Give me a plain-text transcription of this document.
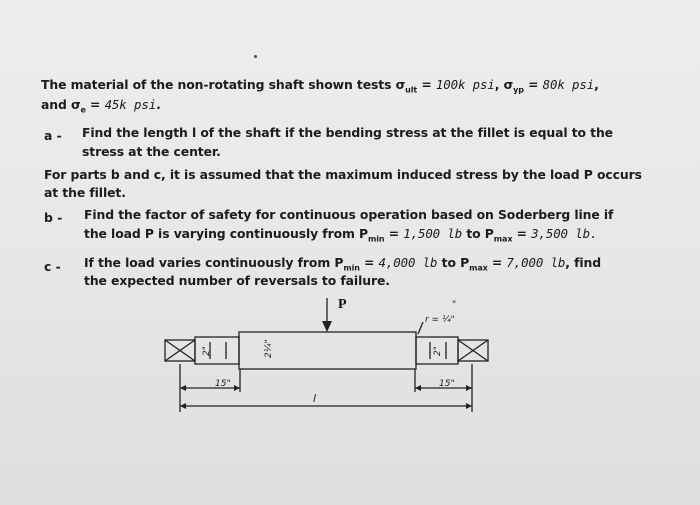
The material of the non-rotating shaft shown tests $\sigma_{ult} = 100k$ psi, $\sigma_{yp} = 80k$ psi,
and $\sigma_e = 45k$ psi.
a - Find the length l of the shaft if the bending stress at the fillet is equal to the
stress at the center.
For parts b and c, it is assumed that the maximum induced stress by the load P occurs
at the fillet.
b - Find the factor of safety for continuous operation based on Soderberg line if
the load P is varying continuously from $P_{min} = 1,500$ lb to $P_{max} = 3,500$ lb.
c - If the load varies continuously from $P_{min} = 4,000$ lb to $P_{max} = 7,000$ lb, find
the expected number of reversals to failure.
P	"
r = ¼"
15"	15"
l
2"	2¼"	2"
